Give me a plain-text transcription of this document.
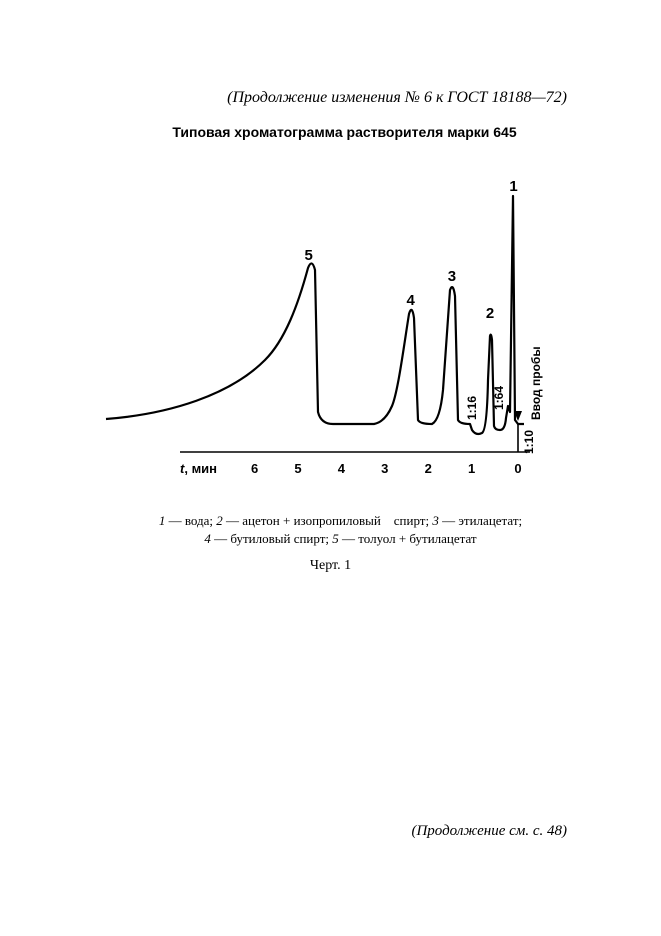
(Продолжение изменения № 6 к ГОСТ 18188—72)
Типовая хроматограмма растворителя марки 645
t, мин	6	5	4	3	2	1	0
1
2
3
4
5
1:16 1:64
1:10
Ввод пробы
1 — вода; 2 — ацетон + изопропиловый    спирт; 3 — этилацетат;
4 — бутиловый спирт; 5 — толуол + бутилацетат
Черт. 1
(Продолжение см. с. 48)
